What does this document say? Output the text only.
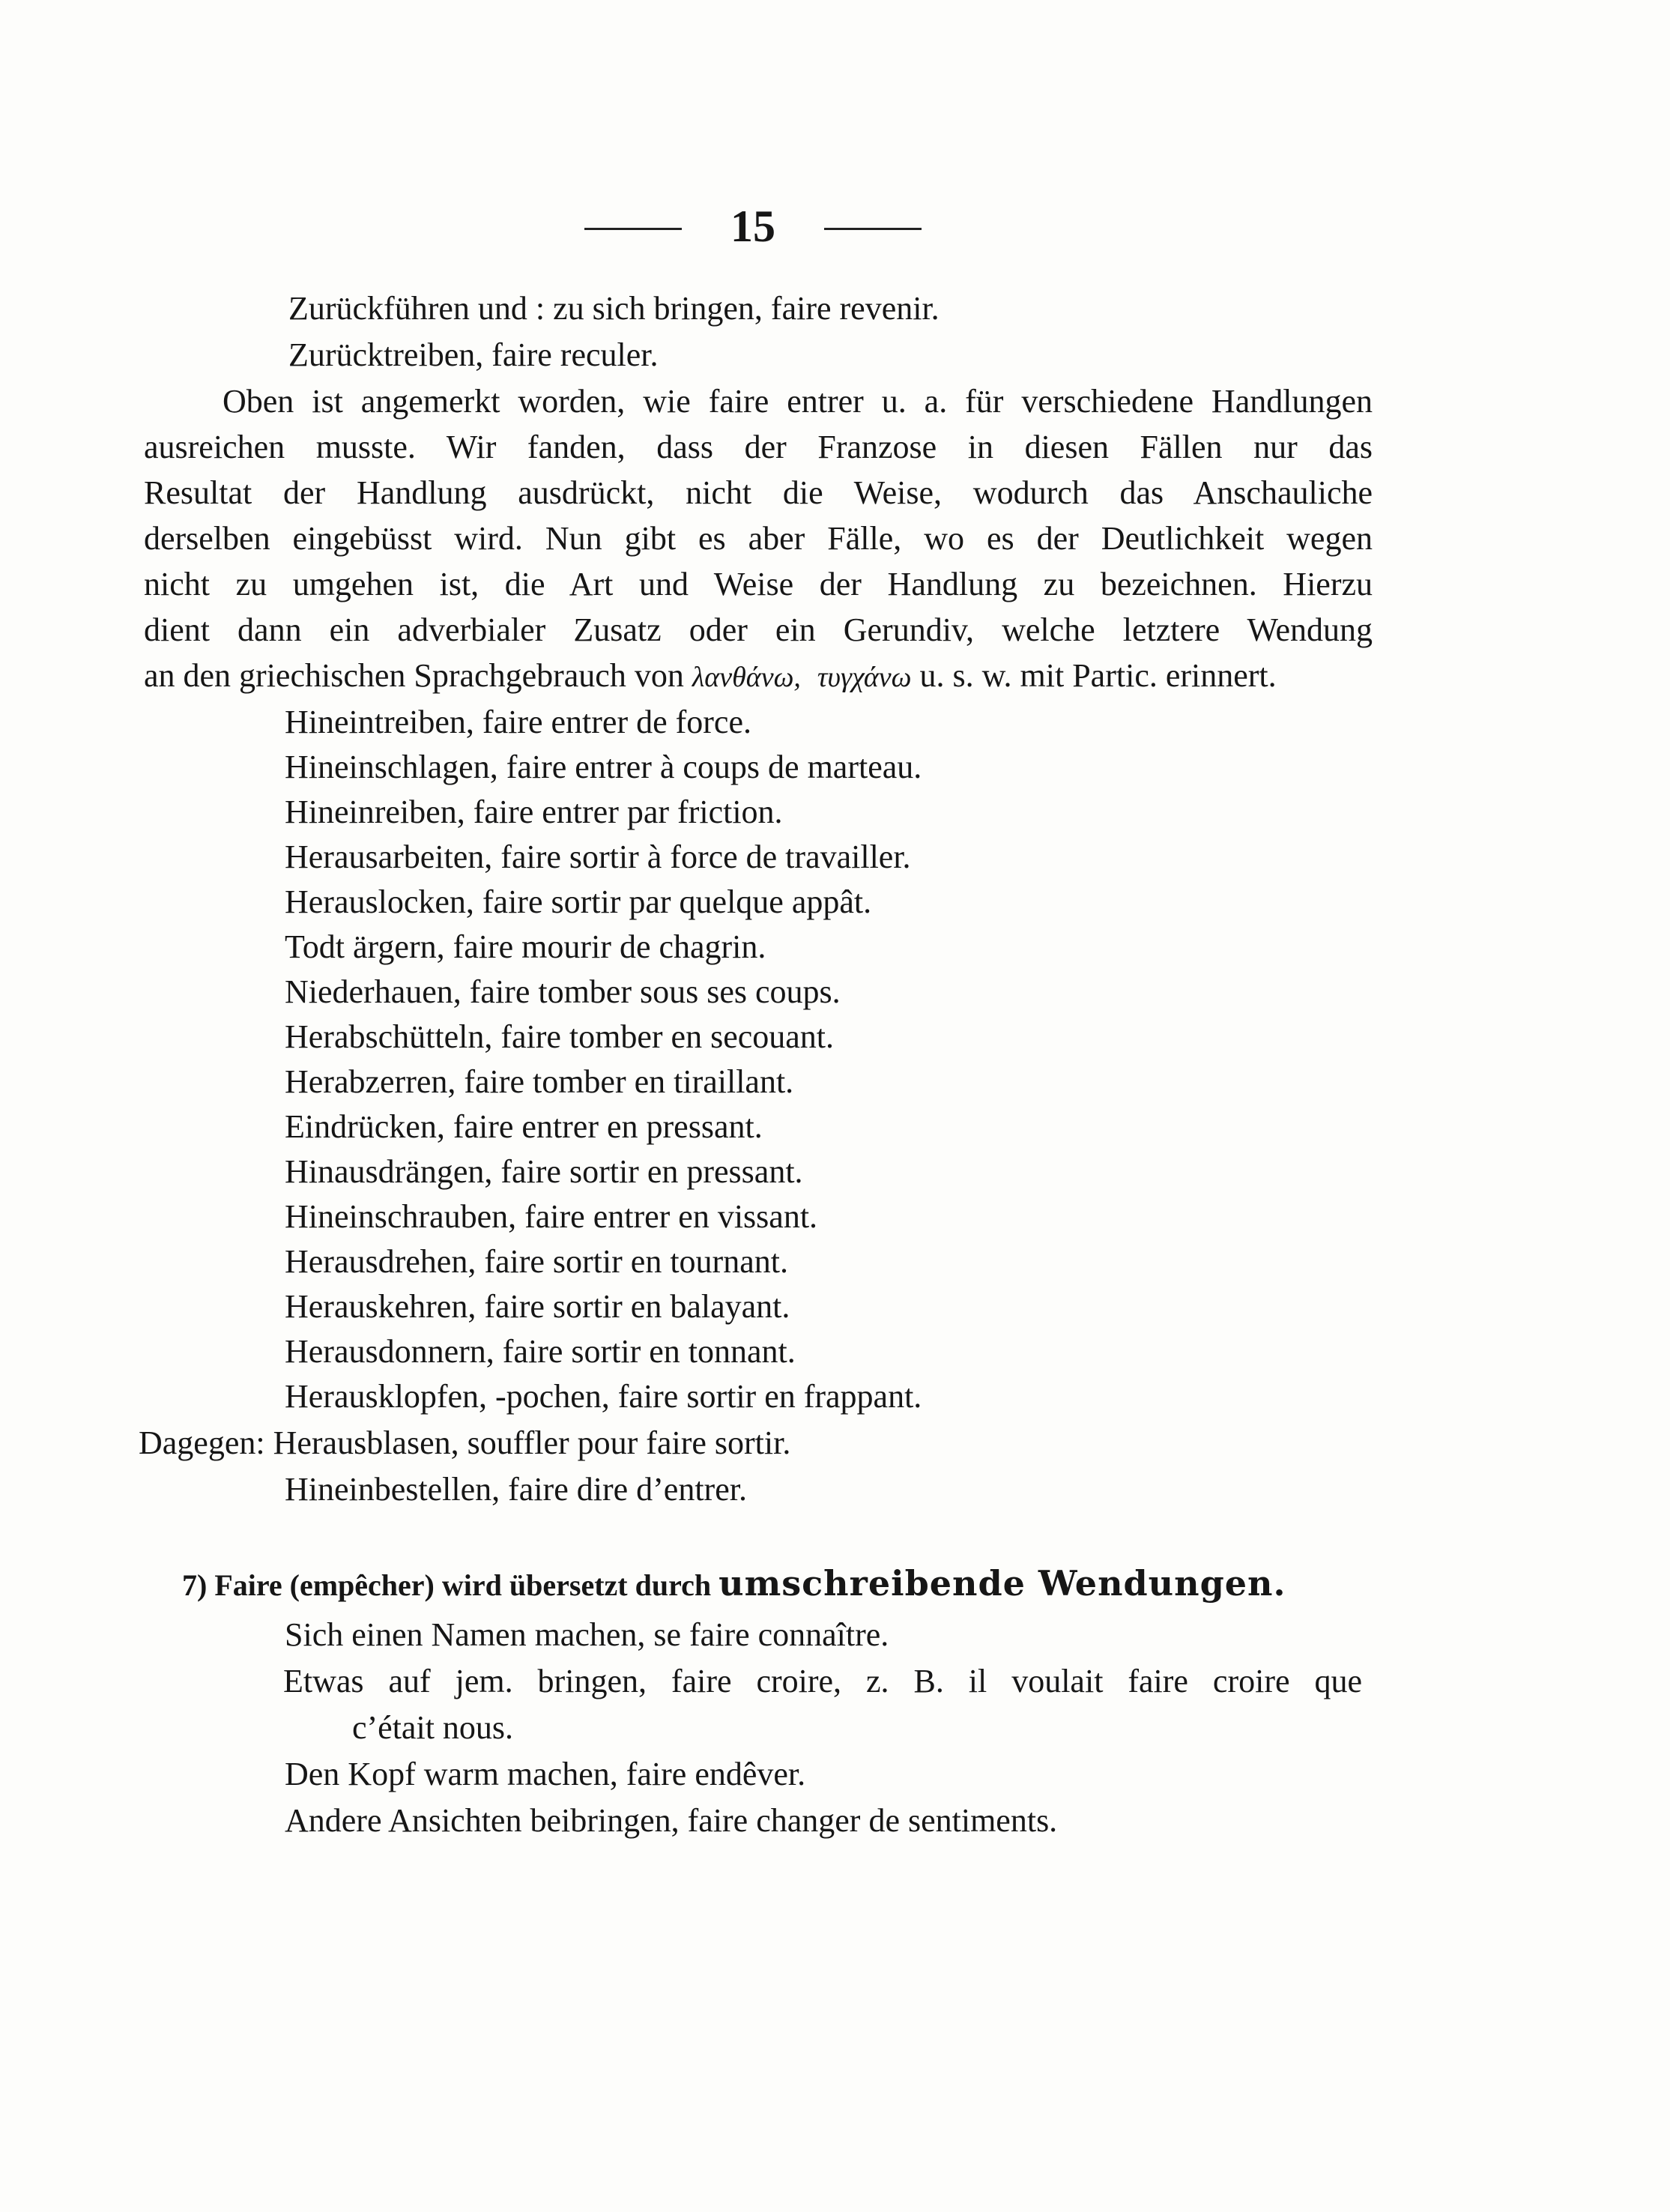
15
Zurückführen und : zu sich bringen, faire revenir.
Zurücktreiben, faire reculer.
Oben ist angemerkt worden, wie faire entrer u. a. für verschiedene Handlungen
ausreichen musste. Wir fanden, dass der Franzose in diesen Fällen nur das
Resultat der Handlung ausdrückt, nicht die Weise, wodurch das Anschauliche
derselben eingebüsst wird. Nun gibt es aber Fälle, wo es der Deutlichkeit wegen
nicht zu umgehen ist, die Art und Weise der Handlung zu bezeichnen. Hierzu
dient dann ein adverbialer Zusatz oder ein Gerundiv, welche letztere Wendung
an den griechischen Sprachgebrauch von λανθάνω, τυγχάνω u. s. w. mit Partic. erinnert.
Hineintreiben, faire entrer de force.
Hineinschlagen, faire entrer à coups de marteau.
Hineinreiben, faire entrer par friction.
Herausarbeiten, faire sortir à force de travailler.
Herauslocken, faire sortir par quelque appât.
Todt ärgern, faire mourir de chagrin.
Niederhauen, faire tomber sous ses coups.
Herabschütteln, faire tomber en secouant.
Herabzerren, faire tomber en tiraillant.
Eindrücken, faire entrer en pressant.
Hinausdrängen, faire sortir en pressant.
Hineinschrauben, faire entrer en vissant.
Herausdrehen, faire sortir en tournant.
Herauskehren, faire sortir en balayant.
Herausdonnern, faire sortir en tonnant.
Herausklopfen, -pochen, faire sortir en frappant.
Dagegen: Herausblasen, souffler pour faire sortir.
Hineinbestellen, faire dire d’entrer.
7) Faire (empêcher) wird übersetzt durch umschreibende Wendungen.
Sich einen Namen machen, se faire connaître.
Etwas auf jem. bringen, faire croire, z. B. il voulait faire croire que
c’était nous.
Den Kopf warm machen, faire endêver.
Andere Ansichten beibringen, faire changer de sentiments.
